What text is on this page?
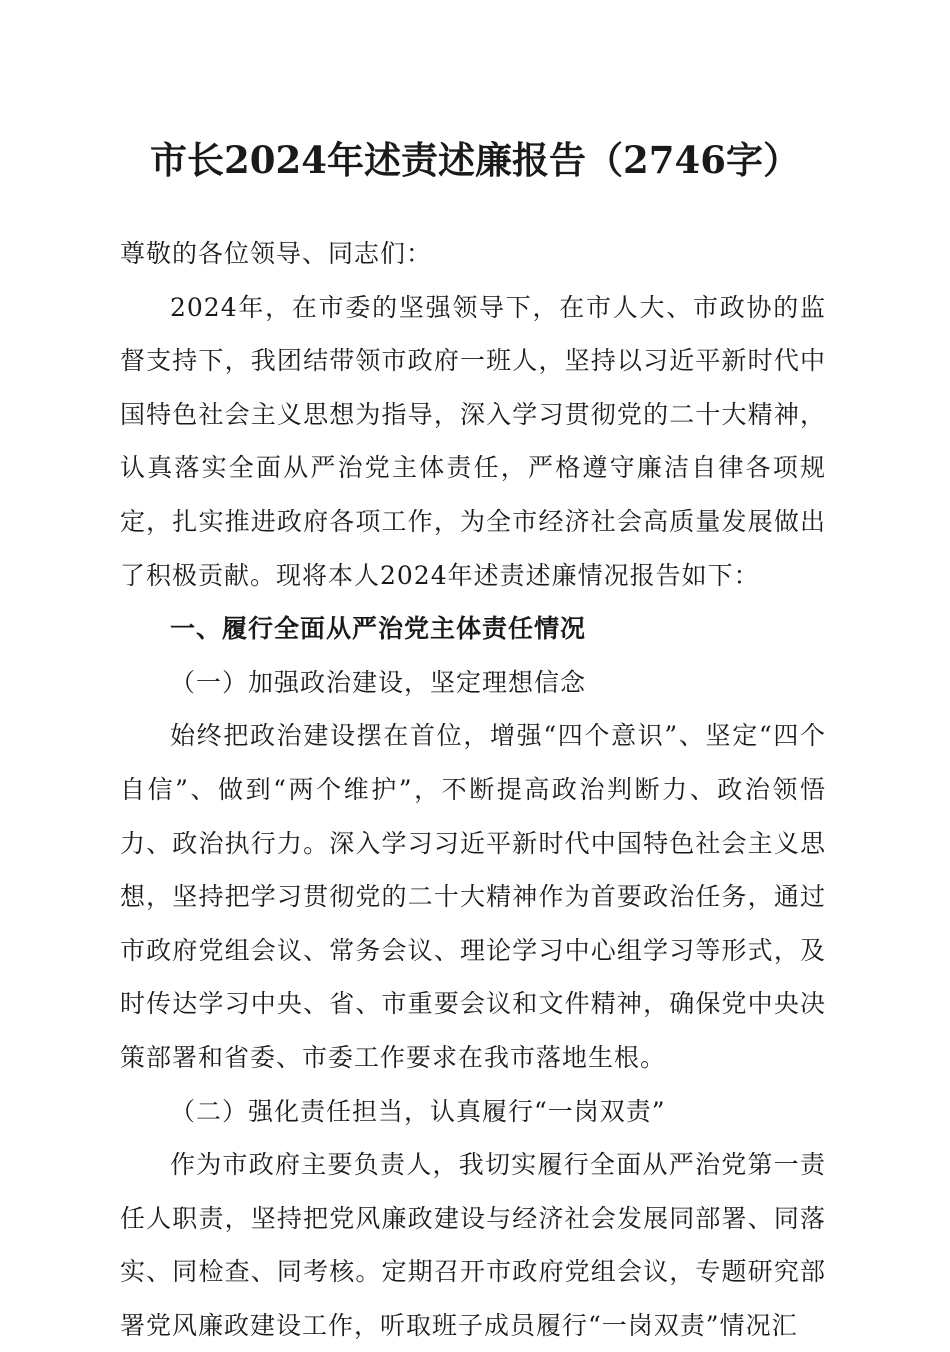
市长2024年述责述廉报告（2746字）

尊敬的各位领导、同志们：

2024年，在市委的坚强领导下，在市人大、市政协的监督支持下，我团结带领市政府一班人，坚持以习近平新时代中国特色社会主义思想为指导，深入学习贯彻党的二十大精神，认真落实全面从严治党主体责任，严格遵守廉洁自律各项规定，扎实推进政府各项工作，为全市经济社会高质量发展做出了积极贡献。现将本人2024年述责述廉情况报告如下：

一、履行全面从严治党主体责任情况

（一）加强政治建设，坚定理想信念

始终把政治建设摆在首位，增强“四个意识”、坚定“四个自信”、做到“两个维护”，不断提高政治判断力、政治领悟力、政治执行力。深入学习习近平新时代中国特色社会主义思想，坚持把学习贯彻党的二十大精神作为首要政治任务，通过市政府党组会议、常务会议、理论学习中心组学习等形式，及时传达学习中央、省、市重要会议和文件精神，确保党中央决策部署和省委、市委工作要求在我市落地生根。

（二）强化责任担当，认真履行“一岗双责”

作为市政府主要负责人，我切实履行全面从严治党第一责任人职责，坚持把党风廉政建设与经济社会发展同部署、同落实、同检查、同考核。定期召开市政府党组会议，专题研究部署党风廉政建设工作，听取班子成员履行“一岗双责”情况汇
